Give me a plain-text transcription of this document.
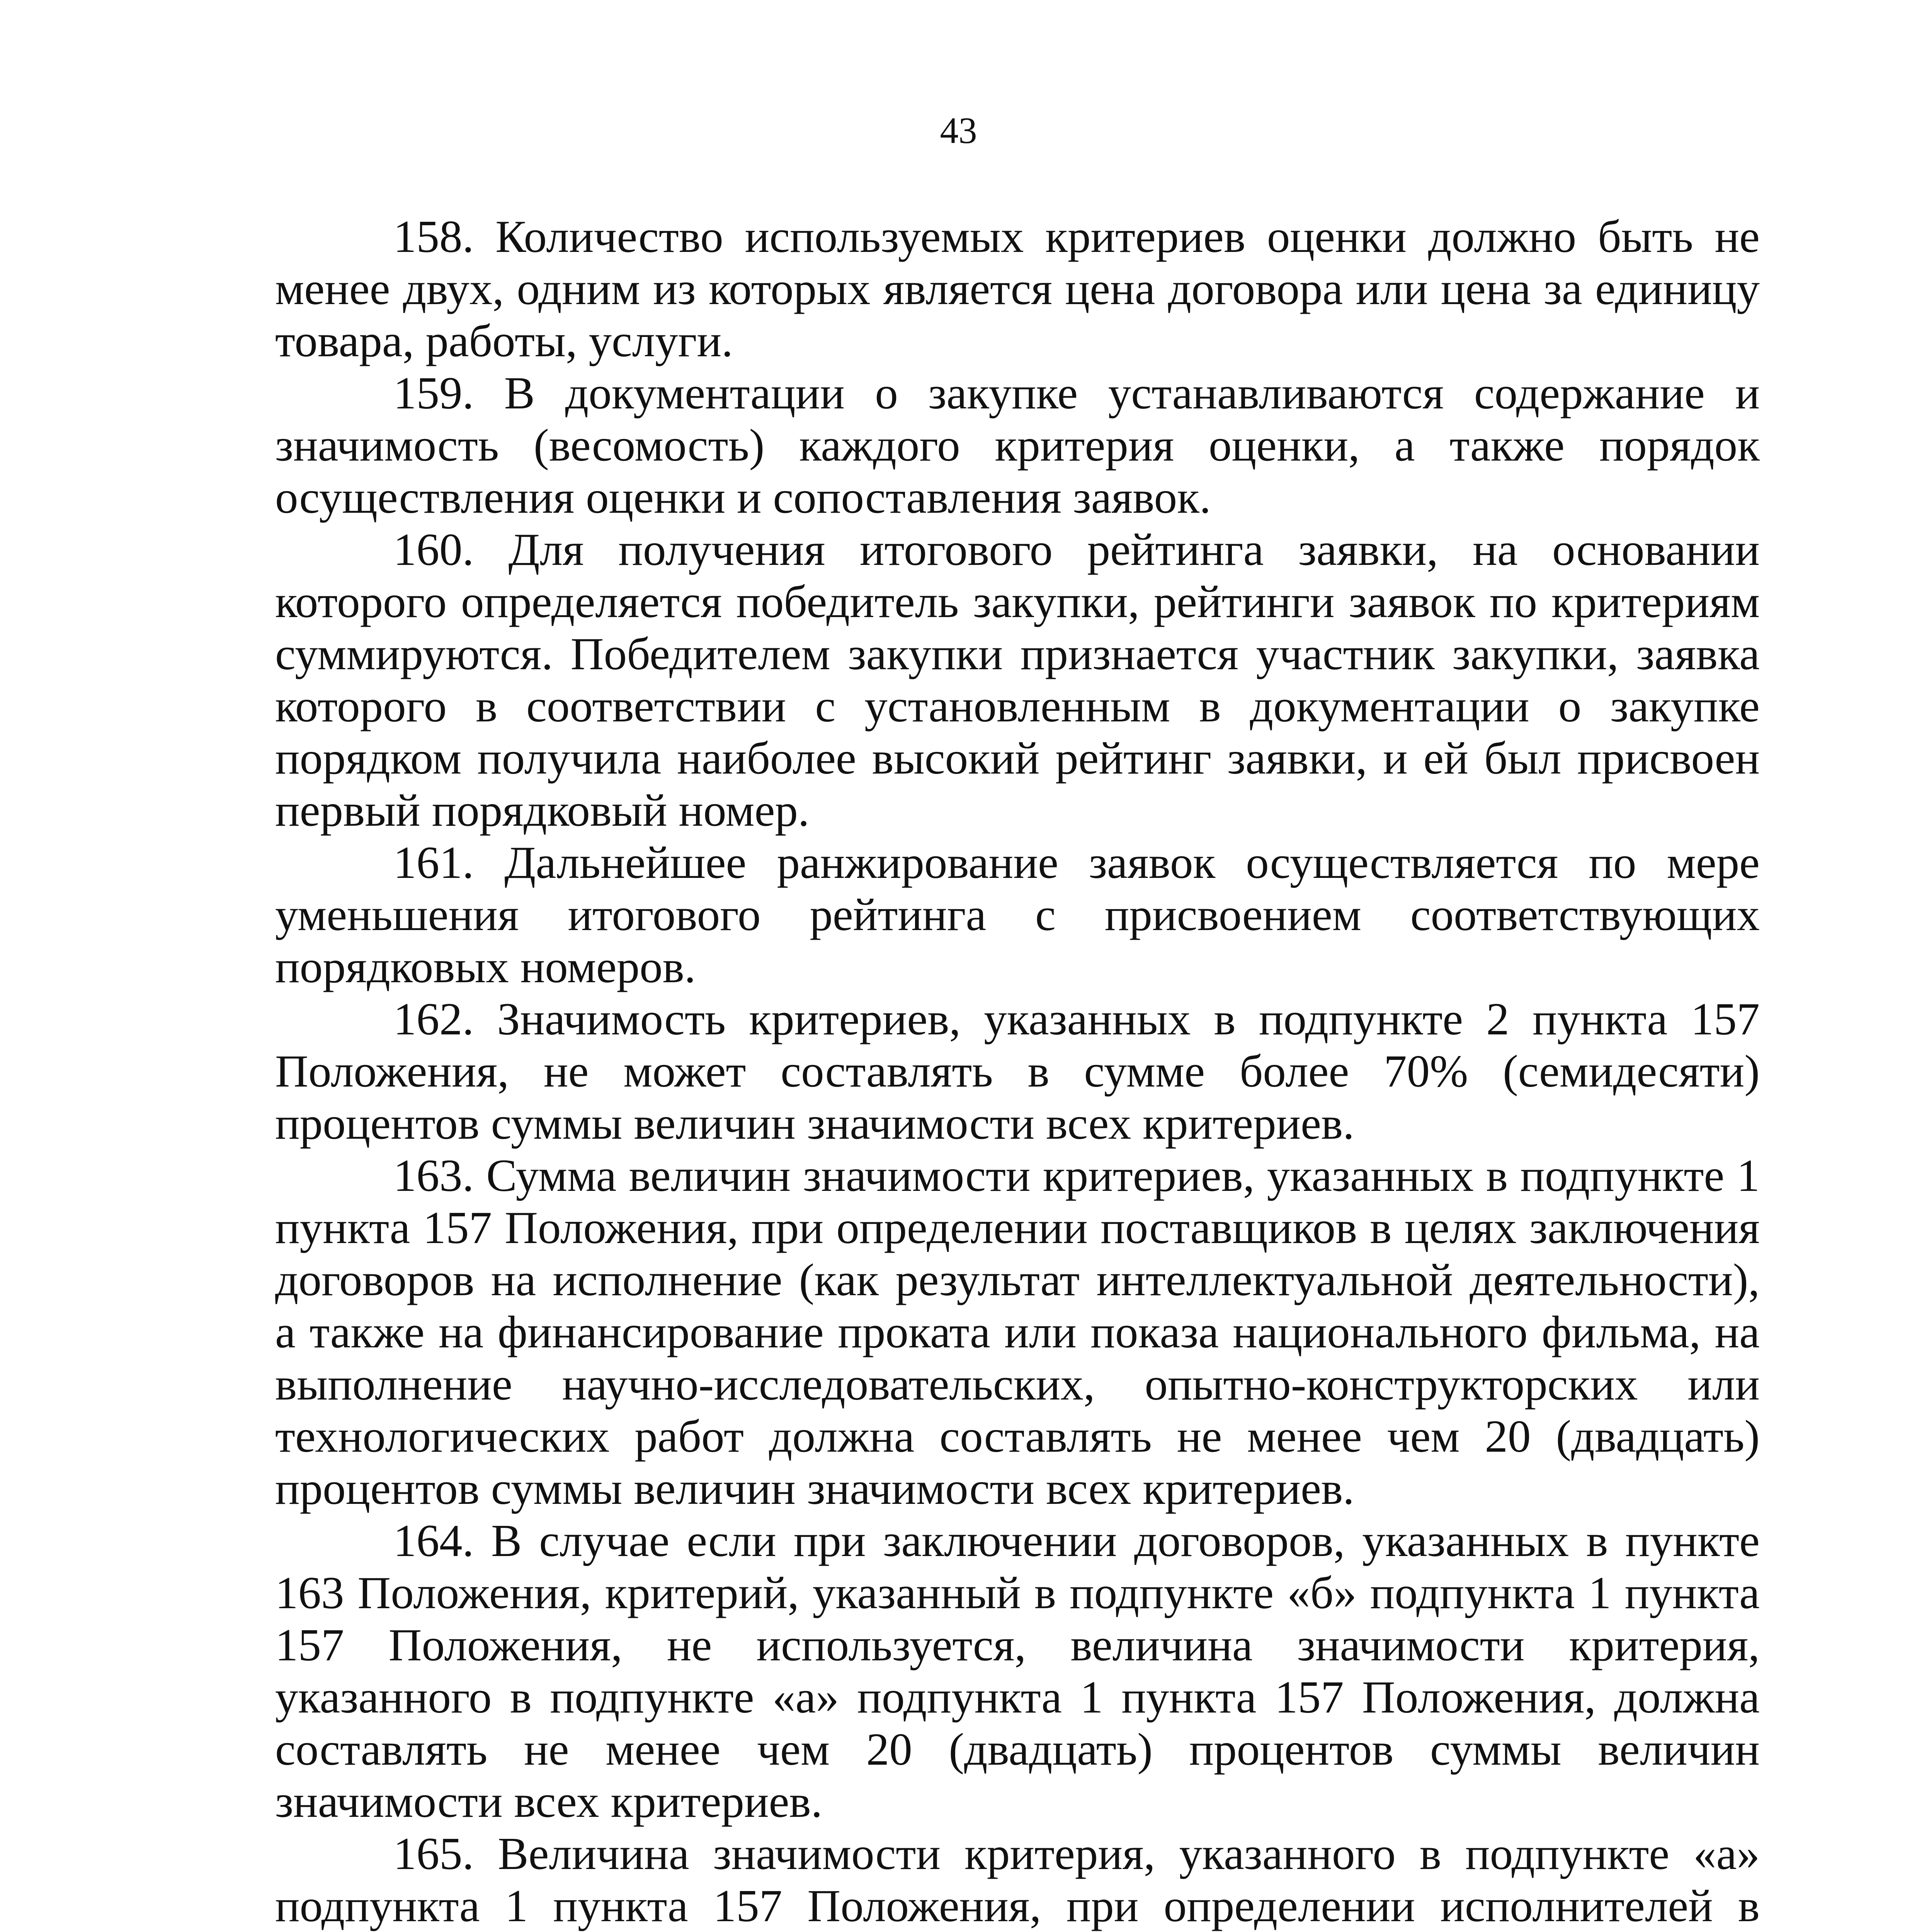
43

158. Количество используемых критериев оценки должно быть не менее двух, одним из которых является цена договора или цена за единицу товара, работы, услуги.

159. В документации о закупке устанавливаются содержание и значимость (весомость) каждого критерия оценки, а также порядок осуществления оценки и сопоставления заявок.

160. Для получения итогового рейтинга заявки, на основании которого определяется победитель закупки, рейтинги заявок по критериям суммируются. Победителем закупки признается участник закупки, заявка которого в соответствии с установленным в документации о закупке порядком получила наиболее высокий рейтинг заявки, и ей был присвоен первый порядковый номер.

161. Дальнейшее ранжирование заявок осуществляется по мере уменьшения итогового рейтинга с присвоением соответствующих порядковых номеров.

162. Значимость критериев, указанных в подпункте 2 пункта 157 Положения, не может составлять в сумме более 70% (семидесяти) процентов суммы величин значимости всех критериев.

163. Сумма величин значимости критериев, указанных в подпункте 1 пункта 157 Положения, при определении поставщиков в целях заключения договоров на исполнение (как результат интеллектуальной деятельности), а также на финансирование проката или показа национального фильма, на выполнение научно-исследовательских, опытно-конструкторских или технологических работ должна составлять не менее чем 20 (двадцать) процентов суммы величин значимости всех критериев.

164. В случае если при заключении договоров, указанных в пункте 163 Положения, критерий, указанный в подпункте «б» подпункта 1 пункта 157 Положения, не используется, величина значимости критерия, указанного в подпункте «а» подпункта 1 пункта 157 Положения, должна составлять не менее чем 20 (двадцать) процентов суммы величин значимости всех критериев.

165. Величина значимости критерия, указанного в подпункте «а» подпункта 1 пункта 157 Положения, при определении исполнителей в
